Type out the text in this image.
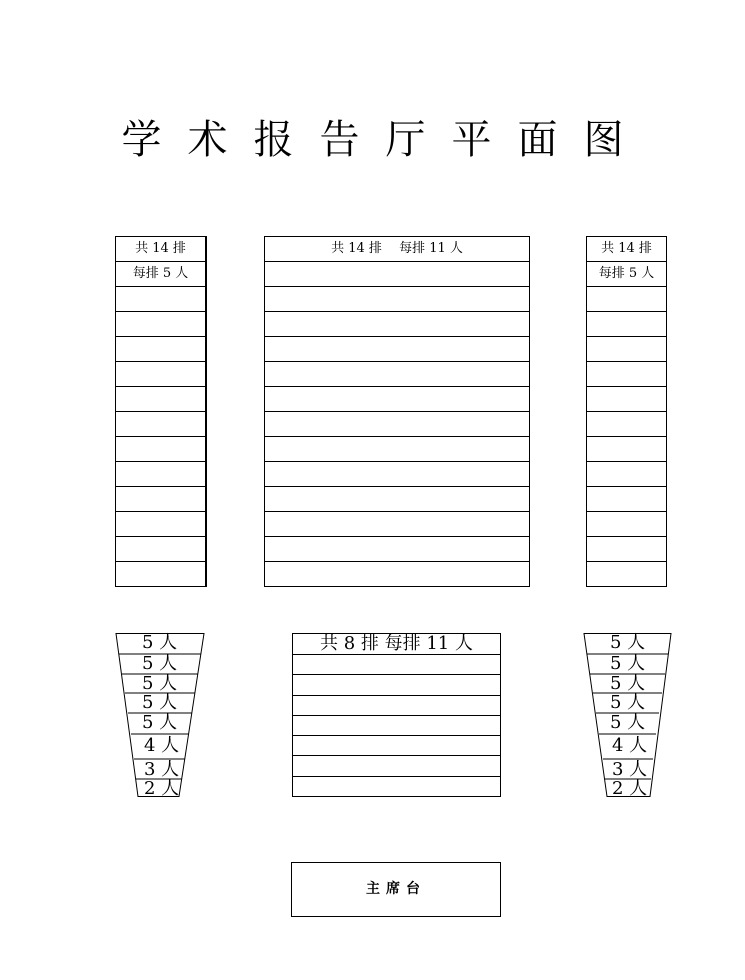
学术报告厅平面图
共 14 排
每排 5 人
共 14 排　 每排 11 人	共 14 排
每排 5 人
5 人
5 人
5 人
5 人
5 人
4 人
3 人
2 人
共 8 排 每排 11 人	5 人
5 人
5 人
5 人
5 人
4 人
3 人
2 人
主席台
